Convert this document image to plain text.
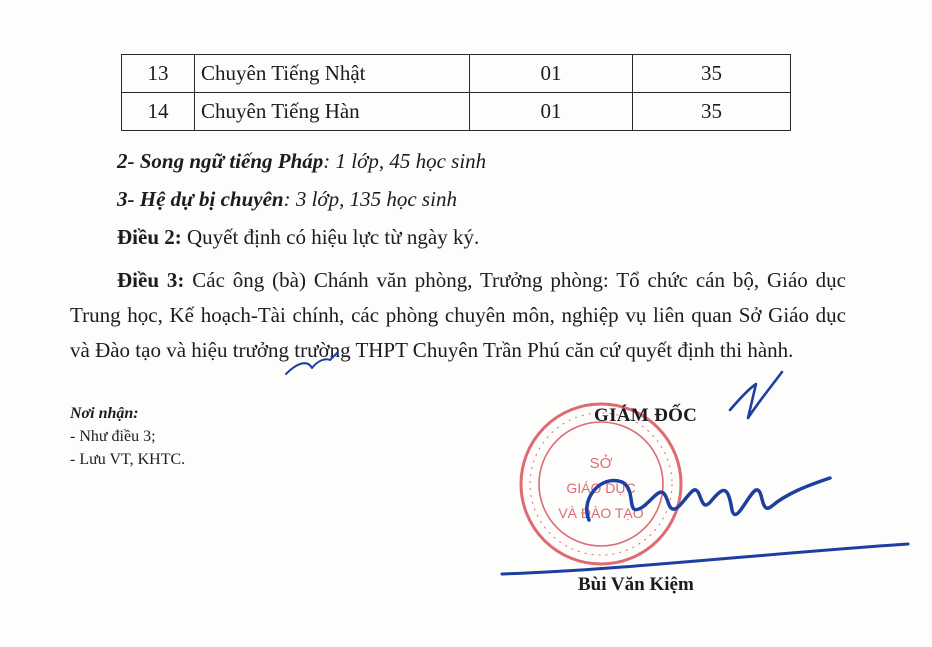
13	Chuyên Tiếng Nhật	01	35
14	Chuyên Tiếng Hàn	01	35
2- Song ngữ tiếng Pháp: 1 lớp, 45 học sinh
3- Hệ dự bị chuyên: 3 lớp, 135 học sinh
Điều 2: Quyết định có hiệu lực từ ngày ký.

Điều 3: Các ông (bà) Chánh văn phòng, Trưởng phòng: Tổ chức cán bộ, Giáo dục Trung học, Kế hoạch-Tài chính, các phòng chuyên môn, nghiệp vụ liên quan Sở Giáo dục và Đào tạo và hiệu trưởng trường THPT Chuyên Trần Phú căn cứ quyết định thi hành.

Nơi nhận:
- Như điều 3;
- Lưu VT, KHTC.	SỞ
GIÁO DỤC
VÀ ĐÀO TẠO
GIÁM ĐỐC
Bùi Văn Kiệm
